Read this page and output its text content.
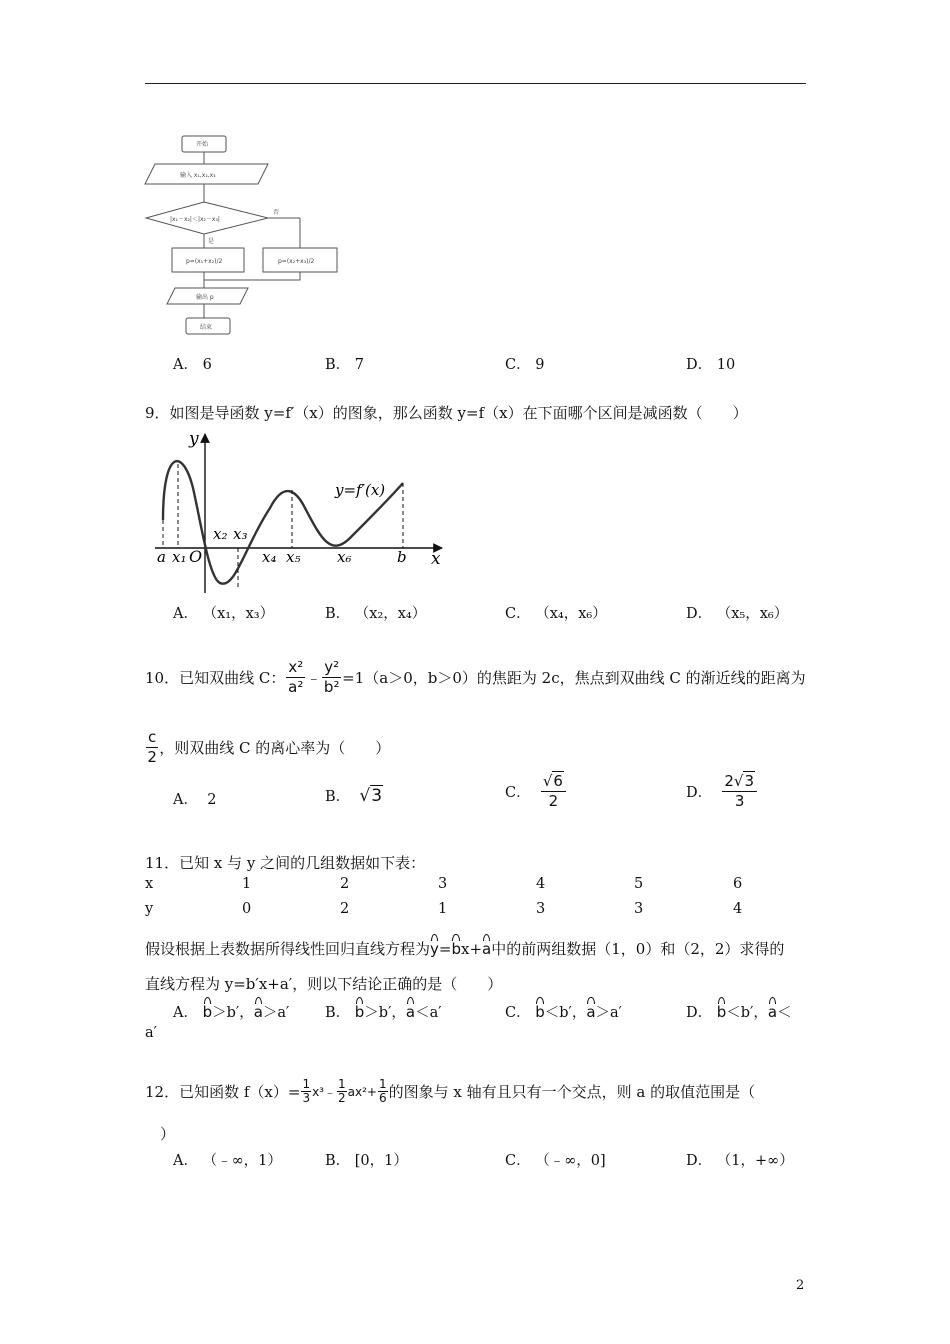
开始
输入 x₁,x₂,x₃
|x₁－x₂|＜|x₂－x₃|
否
是
p=(x₁+x₂)/2	p=(x₂+x₃)/2
输出 p
结束
A． 6	B． 7	C． 9	D． 10
9．如图是导函数 y=f′（x）的图象，那么函数 y=f（x）在下面哪个区间是减函数（　　）
y
x
y=f′(x)
O
a x₁
x₂ x₃
x₄ x₅ x₆	b
A． （x₁，x₃）	B． （x₂，x₄）	C． （x₄，x₆）	D． （x₅，x₆）
10．已知双曲线 C： $\frac{\text{x²}}{\text{a²}}$ ﹣ $\frac{\text{y²}}{\text{b²}} =1(a>0$，b＞0）的焦距为 2c，焦点到双曲线 C 的渐近线的距离为
$\frac{c}{2}$ ，则双曲线 C 的离心率为（　　）
A． 2	B．
√3	C．
$\frac{√6}{2}$	D．
$\frac{2√3}{3}$
11．已知 x 与 y 之间的几组数据如下表：
x	1	2	3	4	5	6
y	0	2	1	3	3	4
假设根据上表数据所得线性回归直线方程为y=bx+a中的前两组数据（1，0）和（2，2）求得的
直线方程为 y=b′x+a′，则以下结论正确的是（　　）
A． b＞b′，a＞a′ B． b＞b′，a＜a′	C． b＜b′，a＞a′	D． b＜b′，a＜
a′
12．已知函数 $f(x)= \frac{1}{3}$ x³﹣ $\frac{1}{2} ax^2+ \frac{1}{6}$ 的图象与 x 轴有且只有一个交点，则 a 的取值范围是（
）
A． （﹣∞，1）	B． [0，1）	C． （﹣∞，0]	D． （1，+∞）
2
